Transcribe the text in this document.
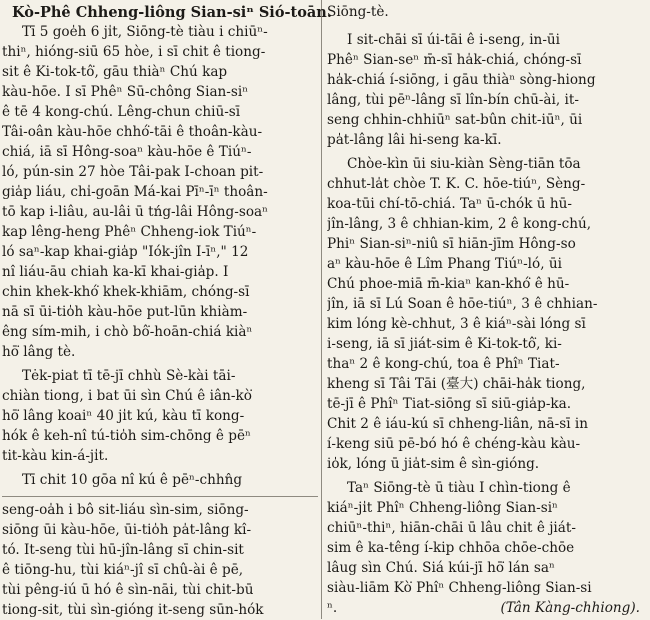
Kò-Phê Chheng-liông Sian-siⁿ Sió-toān.
Tī 5 goe̍h 6 jı̍t, Siōng-tè tiàu i chiūⁿ-
thiⁿ, hióng-siū 65 hòe, i sī chit ê tiong-
sit ê Ki-tok-tô͘, gāu thiàⁿ Chú kap
kàu-hōe. I sī Phêⁿ Sū-chông Sian-siⁿ
ê tē 4 kong-chú. Lêng-chun chiū-sī
Tâi-oân kàu-hōe chhó͘-tāi ê thoân-kàu-
chiá, iā sī Hông-soaⁿ kàu-hōe ê Tiúⁿ-
ló, pún-sin 27 hòe Tâi-pak I-choan pit-
gia̍p liáu, chi̍-goān Má-kai Pīⁿ-īⁿ thoân-
tō kap i-liâu, au-lâi ū tńg-lâi Hông-soaⁿ
kap lêng-heng Phêⁿ Chheng-iok Tiúⁿ-
ló saⁿ-kap khai-gia̍p "Iók-jîn I-īⁿ," 12
nî liáu-āu chiah ka-kī khai-gia̍p. I
chin khek-khó͘ khek-khiām, chóng-sī
nā sī ūi-tio̍h kàu-hōe put-lūn khiàm-
êng sím-mih, i chò bô͘-hoān-chiá kiàⁿ
hō͘ lâng tè.
Tėk-piat tī tē-jī chhù Sè-kài tāi-
chiàn tiong, i bat ūi sìn Chú ê iân-kò͘
hō͘ lâng koaiⁿ 40 jı̍t kú, kàu tī kong-
hók ê keh-nî tú-tio̍h sim-chōng ê pēⁿ
tit-kàu kin-á-jı̍t.
Tī chit 10 gōa nî kú ê pēⁿ-chhn̂g
seng-oa̍h i bô sit-liáu sìn-sim, siōng-
siōng ūi kàu-hōe, ūi-tio̍h pa̍t-lâng kî-
tó. It-seng tùi hū-jîn-lâng sī chin-sit
ê tiōng-hu, tùi kiáⁿ-jî sī chû-ài ê pē,
tùi pêng-iú ū hó ê sìn-nāi, tùi chit-bū
tiong-sit, tùi sìn-gióng it-seng sūn-hók
Siōng-tè.
I sit-chāi sī úi-tāi ê i-seng, in-ūi
Phêⁿ Sian-seⁿ m̄-sī ha̍k-chiá, chóng-sī
ha̍k-chiá í-siōng, i gāu thiàⁿ sòng-hiong
lâng, tùi pēⁿ-lâng sī lîn-bín chū-ài, it-
seng chhin-chhiūⁿ sat-bûn chit-iūⁿ, ūi
pa̍t-lâng lâi hi-seng ka-kī.
Chòe-kìn ūi siu-kiàn Sèng-tiān tōa
chhut-la̍t chòe T. K. C. hōe-tiúⁿ, Sèng-
koa-tūi chí-tō-chiá. Taⁿ ū-chók ū hū-
jîn-lâng, 3 ê chhian-kim, 2 ê kong-chú,
Phiⁿ Sian-siⁿ-niû sī hiān-jīm Hông-so
aⁿ kàu-hōe ê Lîm Phang Tiúⁿ-ló, ūi
Chú phoe-miā m̄-kiaⁿ kan-khó͘ ê hū-
jîn, iā sī Lú Soan ê hōe-tiúⁿ, 3 ê chhian-
kim lóng kè-chhut, 3 ê kiáⁿ-sài lóng sī
i-seng, iā sī jiát-sim ê Ki-tok-tô͘, ki-
thaⁿ 2 ê kong-chú, toa ê Phîⁿ Tiat-
kheng sī Tâi Tāi (臺大) chāi-ha̍k tiong,
tē-jī ê Phîⁿ Tiat-siōng sī siū-gia̍p-ka.
Chit 2 ê iáu-kú sī chheng-liân, nā-sī in
í-keng siū pē-bó hó ê chéng-kàu kàu-
io̍k, lóng ū jia̍t-sim ê sìn-gióng.
Taⁿ Siōng-tè ū tiàu I chìn-tiong ê
kiáⁿ-jı̍t Phîⁿ Chheng-liông Sian-siⁿ
chiūⁿ-thiⁿ, hiān-chāi ū lâu chit ê jiát-
sim ê ka-têng í-kip chhōa chōe-chōe
lâug sìn Chú. Siá kúi-jī hō͘ lán saⁿ
siàu-liām Kò͘ Phîⁿ Chheng-liông Sian-si
ⁿ.	(Tân Kàng-chhiong).
